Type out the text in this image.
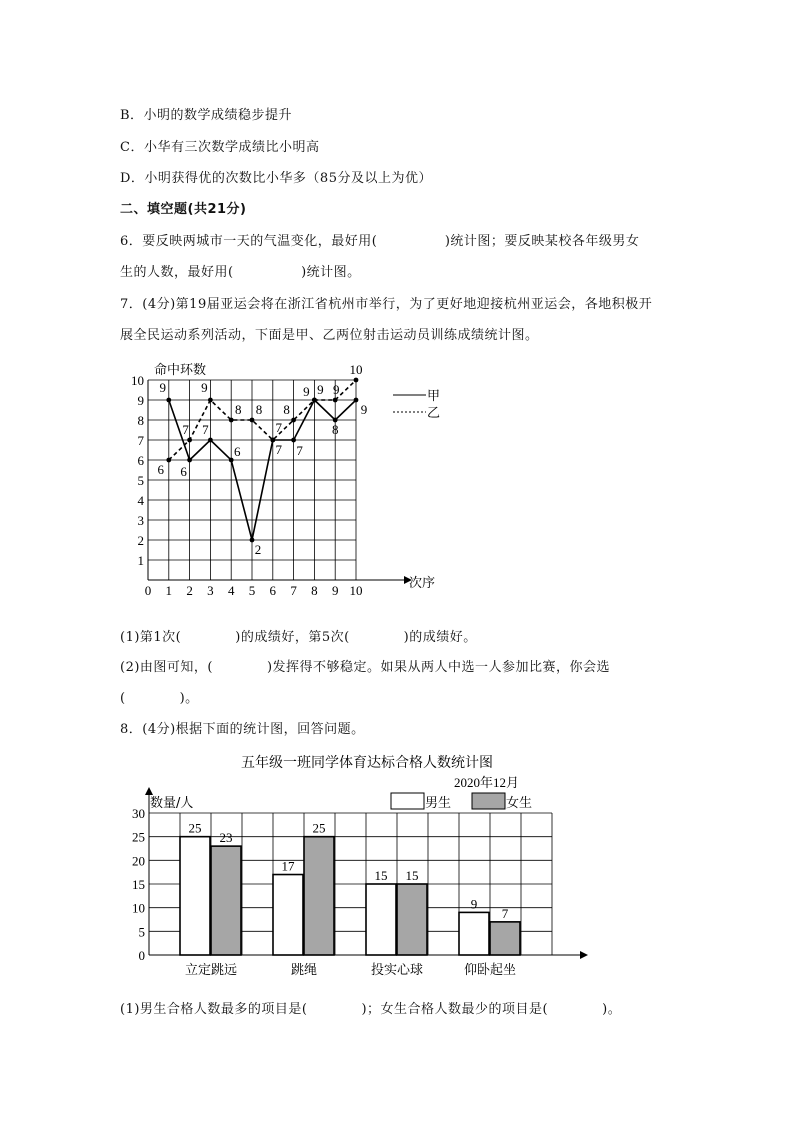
B．小明的数学成绩稳步提升
C．小华有三次数学成绩比小明高
D．小明获得优的次数比小华多（85分及以上为优）
二、填空题(共21分)
6．要反映两城市一天的气温变化，最好用(　　　　　)统计图；要反映某校各年级男女
生的人数，最好用(　　　　　)统计图。
7．(4分)第19届亚运会将在浙江省杭州市举行，为了更好地迎接杭州亚运会，各地积极开
展全民运动系列活动，下面是甲、乙两位射击运动员训练成绩统计图。
0 1 2 3 4 5 6 7 8 9 10
1
2
3
4
5
6
7
8
9
10 9
6
7
6
2
7 7
9
8
9
6
7
9
8 8
7
8
9 9
10
命中环数
次序
甲
乙
(1)第1次(　　　　)的成绩好，第5次(　　　　)的成绩好。
(2)由图可知，(　　　　)发挥得不够稳定。如果从两人中选一人参加比赛，你会选
(　　　　)。
8．(4分)根据下面的统计图，回答问题。
五年级一班同学体育达标合格人数统计图
2020年12月
数量/人	男生	女生
0
5
10
15
20
25
30
25
23
立定跳远
17
25
跳绳
15 15
投实心球
9
7
仰卧起坐
(1)男生合格人数最多的项目是(　　　　)；女生合格人数最少的项目是(　　　　)。
